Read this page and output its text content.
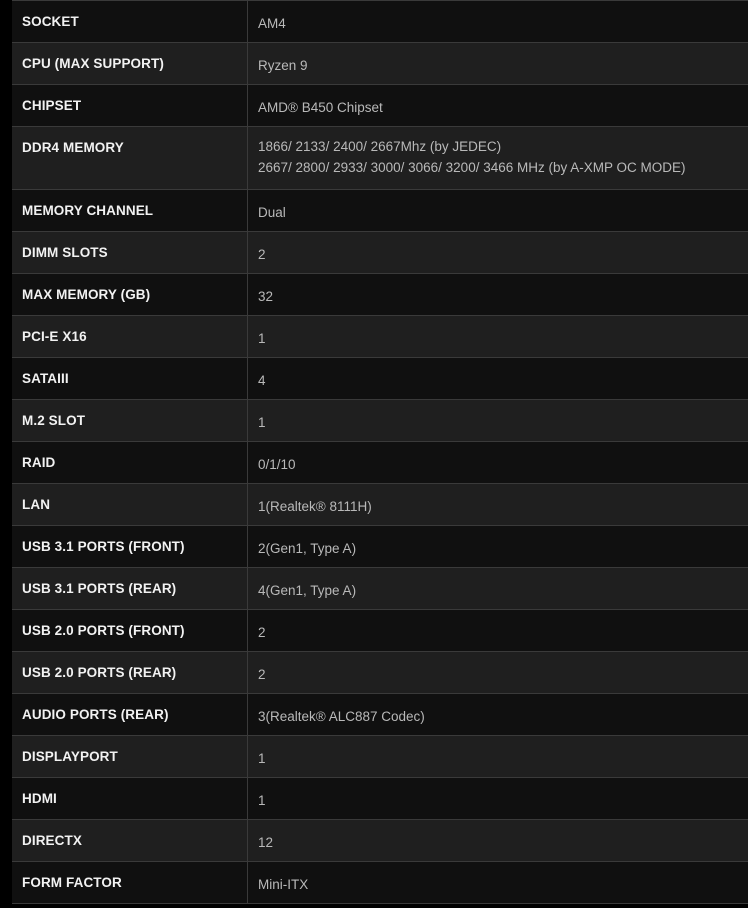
SOCKET	AM4
CPU (MAX SUPPORT)	Ryzen 9
CHIPSET	AMD® B450 Chipset
DDR4 MEMORY	1866/ 2133/ 2400/ 2667Mhz (by JEDEC)
2667/ 2800/ 2933/ 3000/ 3066/ 3200/ 3466 MHz (by A-XMP OC MODE)
MEMORY CHANNEL	Dual
DIMM SLOTS	2
MAX MEMORY (GB)	32
PCI-E X16	1
SATAIII	4
M.2 SLOT	1
RAID	0/1/10
LAN	1(Realtek® 8111H)
USB 3.1 PORTS (FRONT)	2(Gen1, Type A)
USB 3.1 PORTS (REAR)	4(Gen1, Type A)
USB 2.0 PORTS (FRONT)	2
USB 2.0 PORTS (REAR)	2
AUDIO PORTS (REAR)	3(Realtek® ALC887 Codec)
DISPLAYPORT	1
HDMI	1
DIRECTX	12
FORM FACTOR	Mini-ITX
